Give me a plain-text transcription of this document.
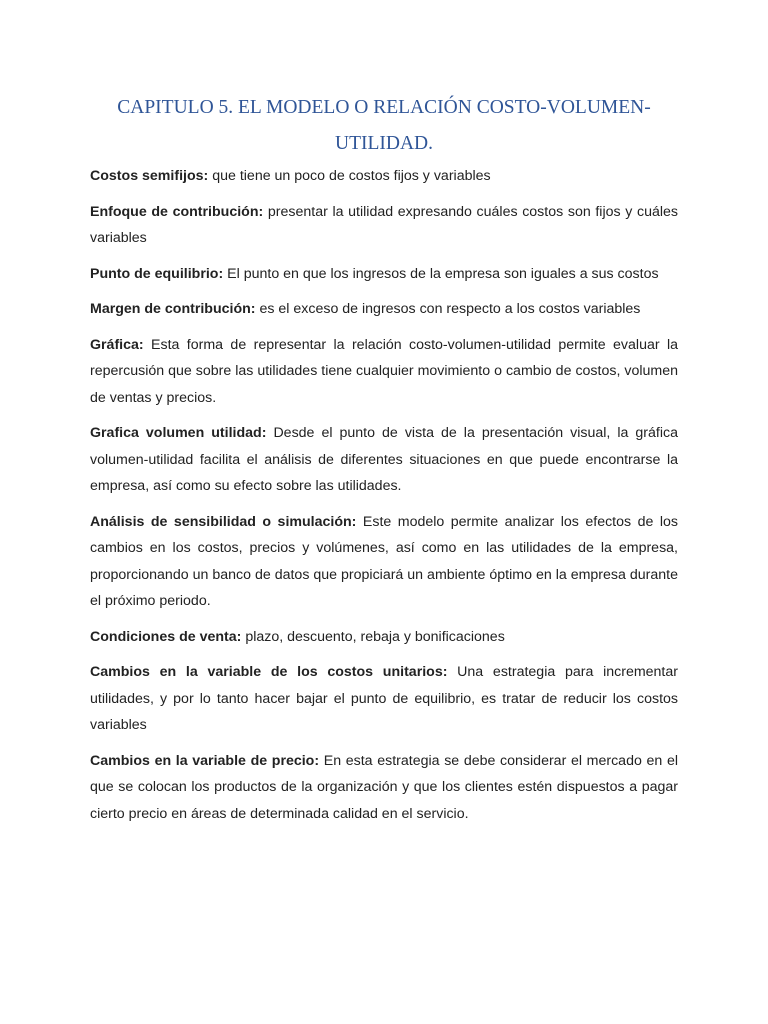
CAPITULO 5. EL MODELO O RELACIÓN COSTO-VOLUMEN-UTILIDAD.

Costos semifijos: que tiene un poco de costos fijos y variables

Enfoque de contribución: presentar la utilidad expresando cuáles costos son fijos y cuáles variables

Punto de equilibrio: El punto en que los ingresos de la empresa son iguales a sus costos

Margen de contribución: es el exceso de ingresos con respecto a los costos variables

Gráfica: Esta forma de representar la relación costo-volumen-utilidad permite evaluar la repercusión que sobre las utilidades tiene cualquier movimiento o cambio de costos, volumen de ventas y precios.

Grafica volumen utilidad: Desde el punto de vista de la presentación visual, la gráfica volumen-utilidad facilita el análisis de diferentes situaciones en que puede encontrarse la empresa, así como su efecto sobre las utilidades.

Análisis de sensibilidad o simulación: Este modelo permite analizar los efectos de los cambios en los costos, precios y volúmenes, así como en las utilidades de la empresa, proporcionando un banco de datos que propiciará un ambiente óptimo en la empresa durante el próximo periodo.

Condiciones de venta: plazo, descuento, rebaja y bonificaciones

Cambios en la variable de los costos unitarios: Una estrategia para incrementar utilidades, y por lo tanto hacer bajar el punto de equilibrio, es tratar de reducir los costos variables

Cambios en la variable de precio: En esta estrategia se debe considerar el mercado en el que se colocan los productos de la organización y que los clientes estén dispuestos a pagar cierto precio en áreas de determinada calidad en el servicio.
